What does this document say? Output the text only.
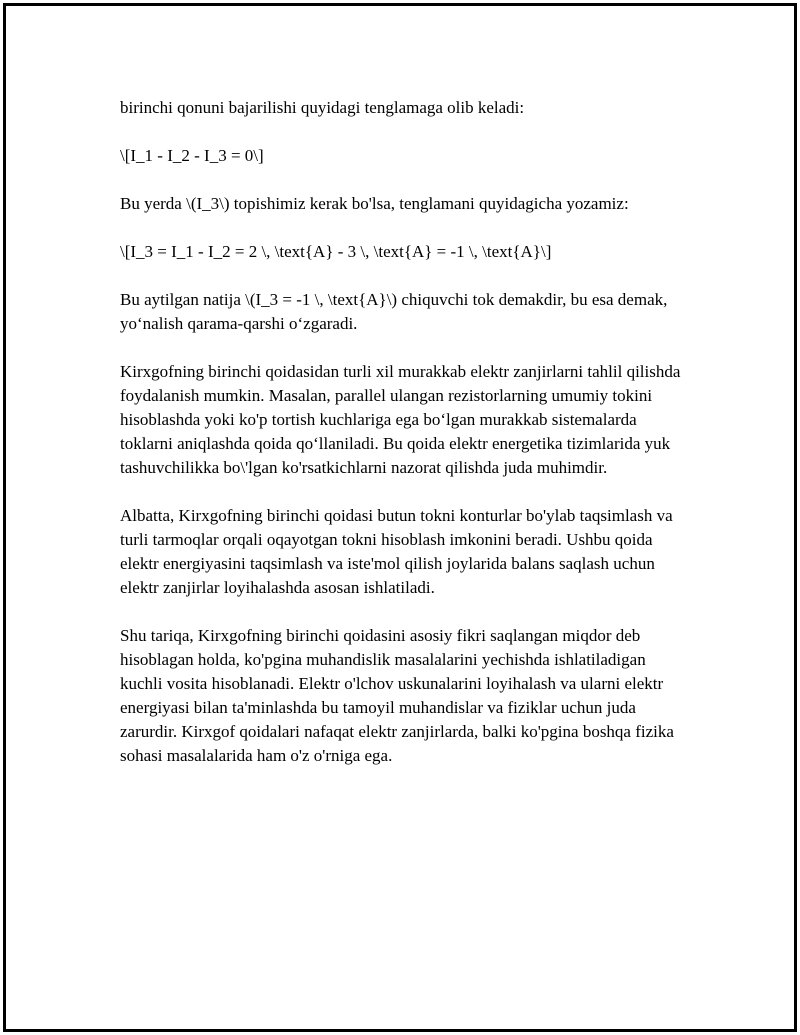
birinchi qonuni bajarilishi quyidagi tenglamaga olib keladi:

\[I_1 - I_2 - I_3 = 0\]

Bu yerda \(I_3\) topishimiz kerak bo'lsa, tenglamani quyidagicha yozamiz:

\[I_3 = I_1 - I_2 = 2 \, \text{A} - 3 \, \text{A} = -1 \, \text{A}\]

Bu aytilgan natija \(I_3 = -1 \, \text{A}\) chiquvchi tok demakdir, bu esa demak, yo‘nalish qarama-qarshi o‘zgaradi.

Kirxgofning birinchi qoidasidan turli xil murakkab elektr zanjirlarni tahlil qilishda foydalanish mumkin. Masalan, parallel ulangan rezistorlarning umumiy tokini hisoblashda yoki ko'p tortish kuchlariga ega bo‘lgan murakkab sistemalarda toklarni aniqlashda qoida qo‘llaniladi. Bu qoida elektr energetika tizimlarida yuk tashuvchilikka bo\'lgan ko'rsatkichlarni nazorat qilishda juda muhimdir.

Albatta, Kirxgofning birinchi qoidasi butun tokni konturlar bo'ylab taqsimlash va turli tarmoqlar orqali oqayotgan tokni hisoblash imkonini beradi. Ushbu qoida elektr energiyasini taqsimlash va iste'mol qilish joylarida balans saqlash uchun elektr zanjirlar loyihalashda asosan ishlatiladi.

Shu tariqa, Kirxgofning birinchi qoidasini asosiy fikri saqlangan miqdor deb hisoblagan holda, ko'pgina muhandislik masalalarini yechishda ishlatiladigan kuchli vosita hisoblanadi. Elektr o'lchov uskunalarini loyihalash va ularni elektr energiyasi bilan ta'minlashda bu tamoyil muhandislar va fiziklar uchun juda zarurdir. Kirxgof qoidalari nafaqat elektr zanjirlarda, balki ko'pgina boshqa fizika sohasi masalalarida ham o'z o'rniga ega.
